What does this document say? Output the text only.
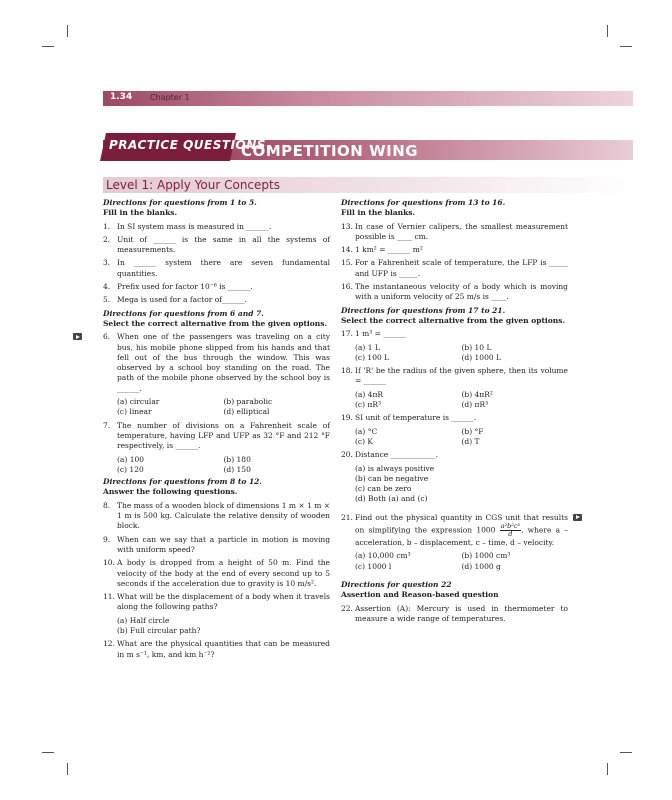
1.34 Chapter 1
PRACTICE QUESTIONS
COMPETITION WING
Level 1: Apply Your Concepts
Directions for questions from 1 to 5.
Fill in the blanks.
1. In SI system mass is measured in ______.
2. Unit of ______ is the same in all the systems of measurements.
3. In ______ system there are seven fundamental quantities.
4. Prefix used for factor 10⁻⁶ is ______.
5. Mega is used for a factor of______.
Directions for questions from 6 and 7.
Select the correct alternative from the given options.
6. When one of the passengers was traveling on a city bus, his mobile phone slipped from his hands and that fell out of the bus through the window. This was observed by a school boy standing on the road. The path of the mobile phone observed by the school boy is ______.
(a) circular	(b) parabolic
(c) linear	(d) elliptical
7. The number of divisions on a Fahrenheit scale of temperature, having LFP and UFP as 32 °F and 212 °F respectively, is ______.
(a) 100	(b) 180
(c) 120	(d) 150
Directions for questions from 8 to 12.
Answer the following questions.
8. The mass of a wooden block of dimensions 1 m × 1 m × 1 m is 500 kg. Calculate the relative density of wooden block.
9. When can we say that a particle in motion is moving with uniform speed?
10. A body is dropped from a height of 50 m. Find the velocity of the body at the end of every second up to 5 seconds if the acceleration due to gravity is 10 m/s².
11. What will be the displacement of a body when it travels along the following paths?
(a) Half circle
(b) Full circular path?
12. What are the physical quantities that can be measured in m s⁻¹, km, and km h⁻²?
Directions for questions from 13 to 16.
Fill in the blanks.
13. In case of Vernier calipers, the smallest measurement possible is ____ cm.
14. 1 km² = ______ m²
15. For a Fahrenheit scale of temperature, the LFP is _____ and UFP is _____.
16. The instantaneous velocity of a body which is moving with a uniform velocity of 25 m/s is ____.
Directions for questions from 17 to 21.
Select the correct alternative from the given options.
17. 1 m³ = ______
(a) 1 L	(b) 10 L
(c) 100 L	(d) 1000 L
18. If 'R' be the radius of the given sphere, then its volume = ______
(a) 4πR	(b) 4πR²
(c) πR³	(d) πR³
19. SI unit of temperature is ______.
(a) °C	(b) °F
(c) K	(d) T
20. Distance ____________.
(a) is always positive
(b) can be negative
(c) can be zero
(d) Both (a) and (c)
21. Find out the physical quantity in CGS unit that results on simplifying the expression $1000 \frac{\text{a²b²c²}}{d}$ , where a – acceleration, b – displacement, c – time, d – velocity.
(a) 10,000 cm³	(b) 1000 cm³
(c) 1000 l	(d) 1000 g
Directions for question 22
Assertion and Reason-based question
22. Assertion (A): Mercury is used in thermometer to measure a wide range of temperatures.
